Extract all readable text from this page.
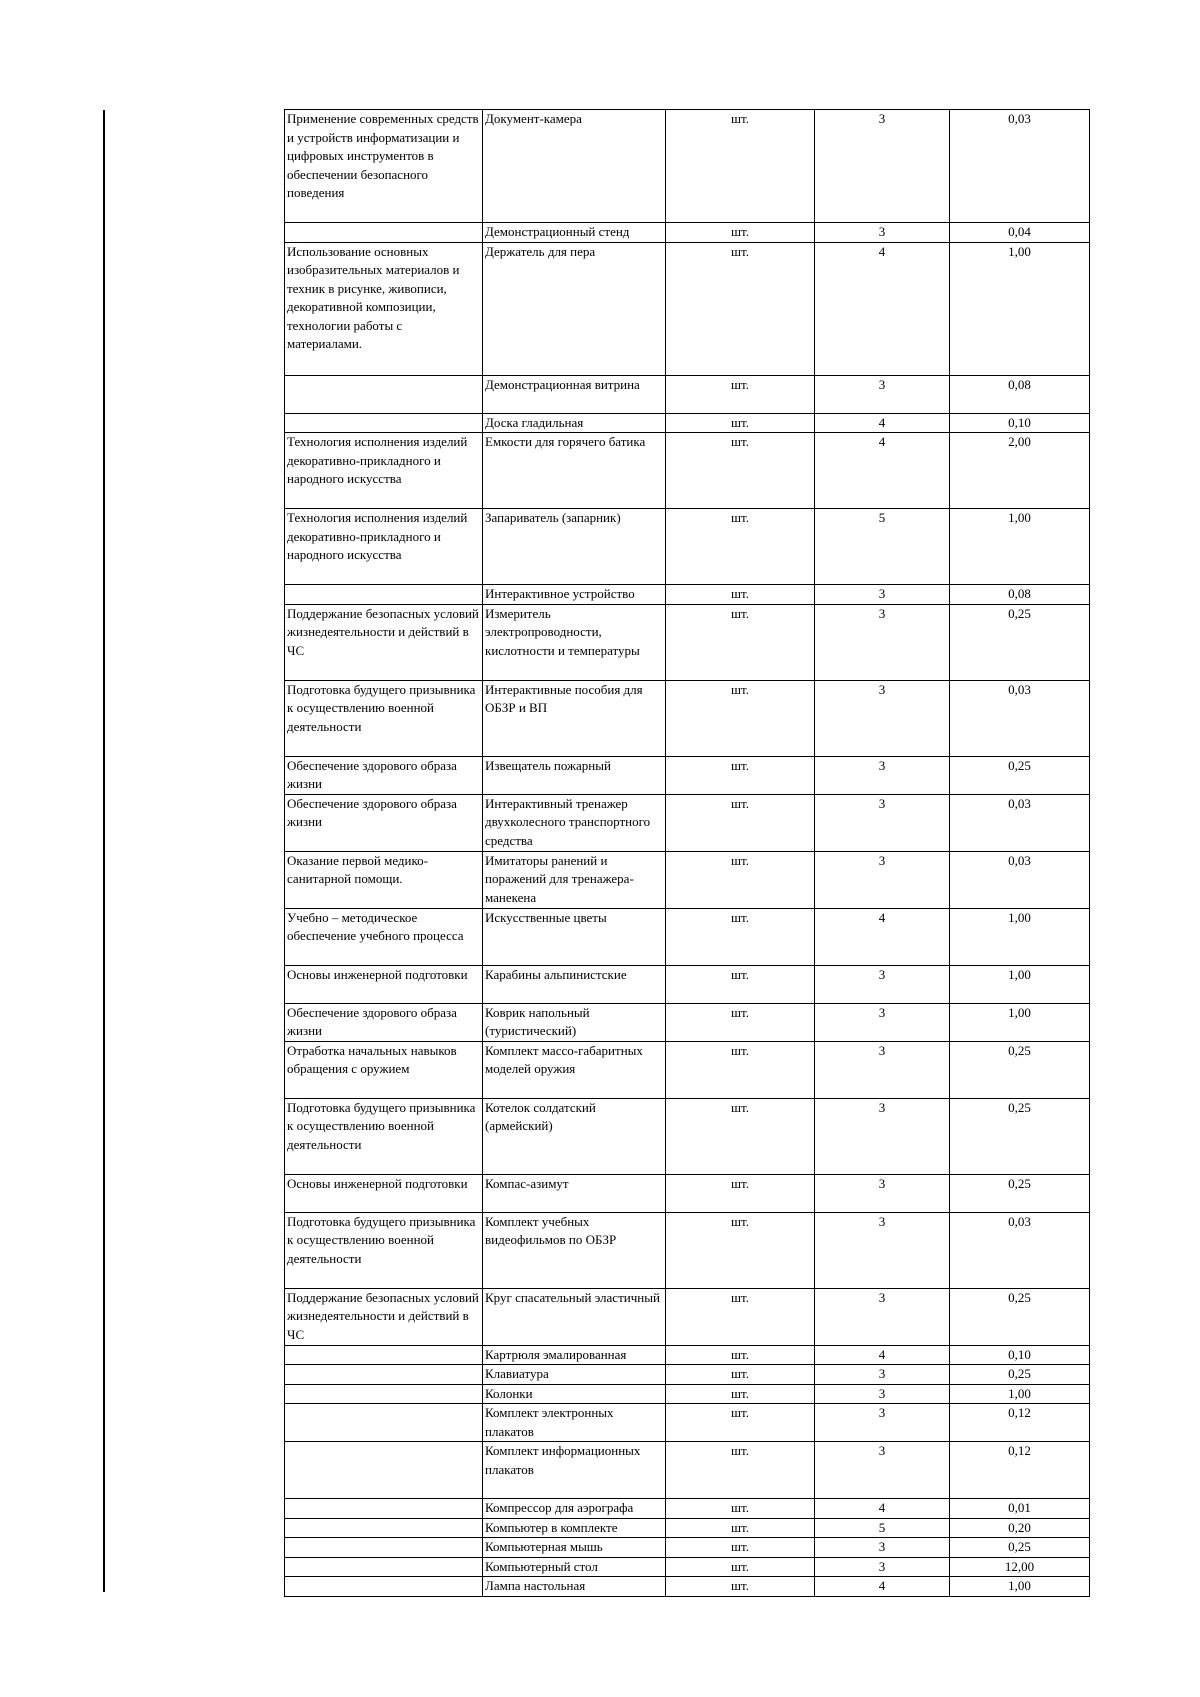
Применение современных средств и устройств информатизации и цифровых инструментов в обеспечении безопасного поведения	Документ-камера	шт.	3	0,03
	Демонстрационный стенд	шт.	3	0,04
Использование основных изобразительных материалов и техник в рисунке, живописи, декоративной композиции, технологии работы с материалами.	Держатель для пера	шт.	4	1,00
	Демонстрационная витрина	шт.	3	0,08
	Доска гладильная	шт.	4	0,10
Технология исполнения изделий декоративно-прикладного и народного искусства	Емкости для горячего батика	шт.	4	2,00
Технология исполнения изделий декоративно-прикладного и народного искусства	Запариватель (запарник)	шт.	5	1,00
	Интерактивное устройство	шт.	3	0,08
Поддержание безопасных условий жизнедеятельности и действий в ЧС	Измеритель электропроводности, кислотности и температуры	шт.	3	0,25
Подготовка будущего призывника к осуществлению военной деятельности	Интерактивные пособия для ОБЗР и ВП	шт.	3	0,03
Обеспечение здорового образа жизни	Извещатель пожарный	шт.	3	0,25
Обеспечение здорового образа жизни	Интерактивный тренажер двухколесного транспортного средства	шт.	3	0,03
Оказание первой медико-санитарной помощи.	Имитаторы ранений и поражений для тренажера-манекена	шт.	3	0,03
Учебно – методическое обеспечение учебного процесса	Искусственные цветы	шт.	4	1,00
Основы инженерной подготовки	Карабины альпинистские	шт.	3	1,00
Обеспечение здорового образа жизни	Коврик напольный (туристический)	шт.	3	1,00
Отработка начальных навыков обращения с оружием	Комплект массо-габаритных моделей оружия	шт.	3	0,25
Подготовка будущего призывника к осуществлению военной деятельности	Котелок солдатский (армейский)	шт.	3	0,25
Основы инженерной подготовки	Компас-азимут	шт.	3	0,25
Подготовка будущего призывника к осуществлению военной деятельности	Комплект учебных видеофильмов по ОБЗР	шт.	3	0,03
Поддержание безопасных условий жизнедеятельности и действий в ЧС	Круг спасательный эластичный	шт.	3	0,25
	Картрюля эмалированная	шт.	4	0,10
	Клавиатура	шт.	3	0,25
	Колонки	шт.	3	1,00
	Комплект электронных плакатов	шт.	3	0,12
	Комплект информационных плакатов	шт.	3	0,12
	Компрессор для аэрографа	шт.	4	0,01
	Компьютер в комплекте	шт.	5	0,20
	Компьютерная мышь	шт.	3	0,25
	Компьютерный стол	шт.	3	12,00
	Лампа настольная	шт.	4	1,00
